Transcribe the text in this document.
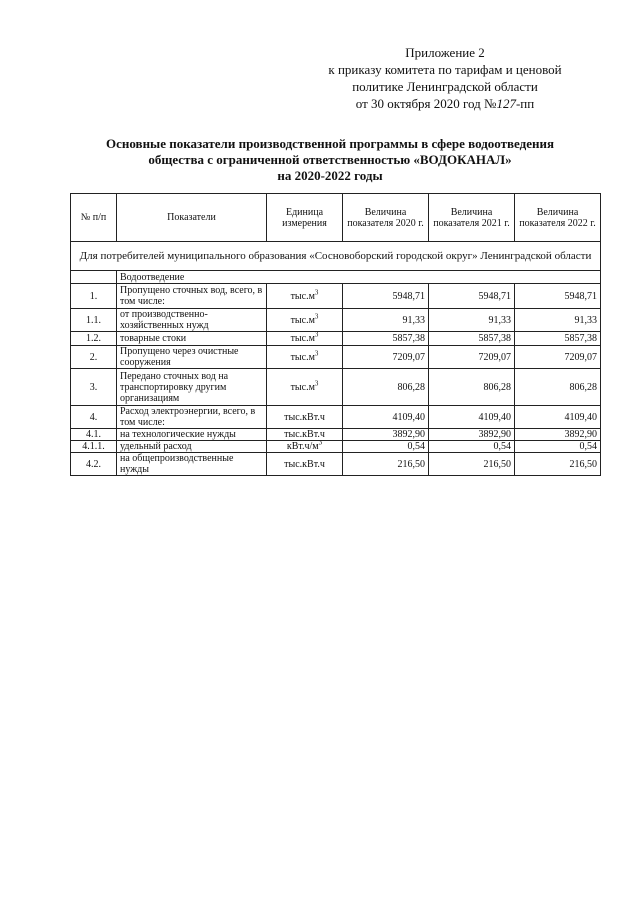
Приложение 2
к приказу комитета по тарифам и ценовой
политике Ленинградской области
от 30 октября 2020 год №127-пп
Основные показатели производственной программы в сфере водоотведения
общества с ограниченной ответственностью «ВОДОКАНАЛ»
на 2020-2022 годы
№ п/п	Показатели	Единица измерения	Величина показателя 2020 г.	Величина показателя 2021 г.	Величина показателя 2022 г.
Для потребителей муниципального образования «Сосновоборский городской округ» Ленинградской области					
	Водоотведение				
1.	Пропущено сточных вод, всего, в том числе:	$тыс.м^3$	5948,71	5948,71	5948,71
1.1.	от производственно-хозяйственных нужд	$тыс.м^3$	91,33	91,33	91,33
1.2.	товарные стоки	$тыс.м^3$	5857,38	5857,38	5857,38
2.	Пропущено через очистные сооружения	$тыс.м^3$	7209,07	7209,07	7209,07
3.	Передано сточных вод на транспортировку другим организациям	$тыс.м^3$	806,28	806,28	806,28
4.	Расход электроэнергии, всего, в том числе:	тыс.кВт.ч	4109,40	4109,40	4109,40
4.1.	на технологические нужды	тыс.кВт.ч	3892,90	3892,90	3892,90
4.1.1.	удельный расход	$кВт.ч/м^3$	0,54	0,54	0,54
4.2.	на общепроизводственные нужды	тыс.кВт.ч	216,50	216,50	216,50
